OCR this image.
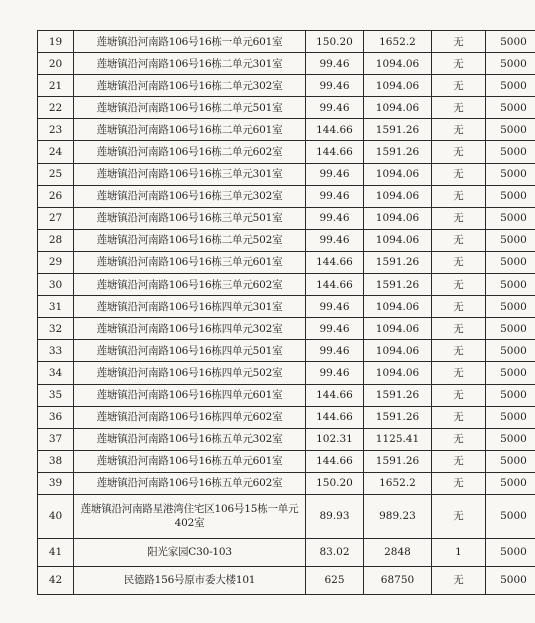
19	莲塘镇沿河南路106号16栋一单元601室	150.20	1652.2	无	5000
20	莲塘镇沿河南路106号16栋二单元301室	99.46	1094.06	无	5000
21	莲塘镇沿河南路106号16栋二单元302室	99.46	1094.06	无	5000
22	莲塘镇沿河南路106号16栋二单元501室	99.46	1094.06	无	5000
23	莲塘镇沿河南路106号16栋二单元601室	144.66	1591.26	无	5000
24	莲塘镇沿河南路106号16栋二单元602室	144.66	1591.26	无	5000
25	莲塘镇沿河南路106号16栋三单元301室	99.46	1094.06	无	5000
26	莲塘镇沿河南路106号16栋三单元302室	99.46	1094.06	无	5000
27	莲塘镇沿河南路106号16栋三单元501室	99.46	1094.06	无	5000
28	莲塘镇沿河南路106号16栋二单元502室	99.46	1094.06	无	5000
29	莲塘镇沿河南路106号16栋三单元601室	144.66	1591.26	无	5000
30	莲塘镇沿河南路106号16栋三单元602室	144.66	1591.26	无	5000
31	莲塘镇沿河南路106号16栋四单元301室	99.46	1094.06	无	5000
32	莲塘镇沿河南路106号16栋四单元302室	99.46	1094.06	无	5000
33	莲塘镇沿河南路106号16栋四单元501室	99.46	1094.06	无	5000
34	莲塘镇沿河南路106号16栋四单元502室	99.46	1094.06	无	5000
35	莲塘镇沿河南路106号16栋四单元601室	144.66	1591.26	无	5000
36	莲塘镇沿河南路106号16栋四单元602室	144.66	1591.26	无	5000
37	莲塘镇沿河南路106号16栋五单元302室	102.31	1125.41	无	5000
38	莲塘镇沿河南路106号16栋五单元601室	144.66	1591.26	无	5000
39	莲塘镇沿河南路106号16栋五单元602室	150.20	1652.2	无	5000
40	莲塘镇沿河南路星港湾住宅区106号15栋一单元402室	89.93	989.23	无	5000
41	阳光家园C30-103	83.02	2848	1	5000
42	民德路156号原市委大楼101	625	68750	无	5000
